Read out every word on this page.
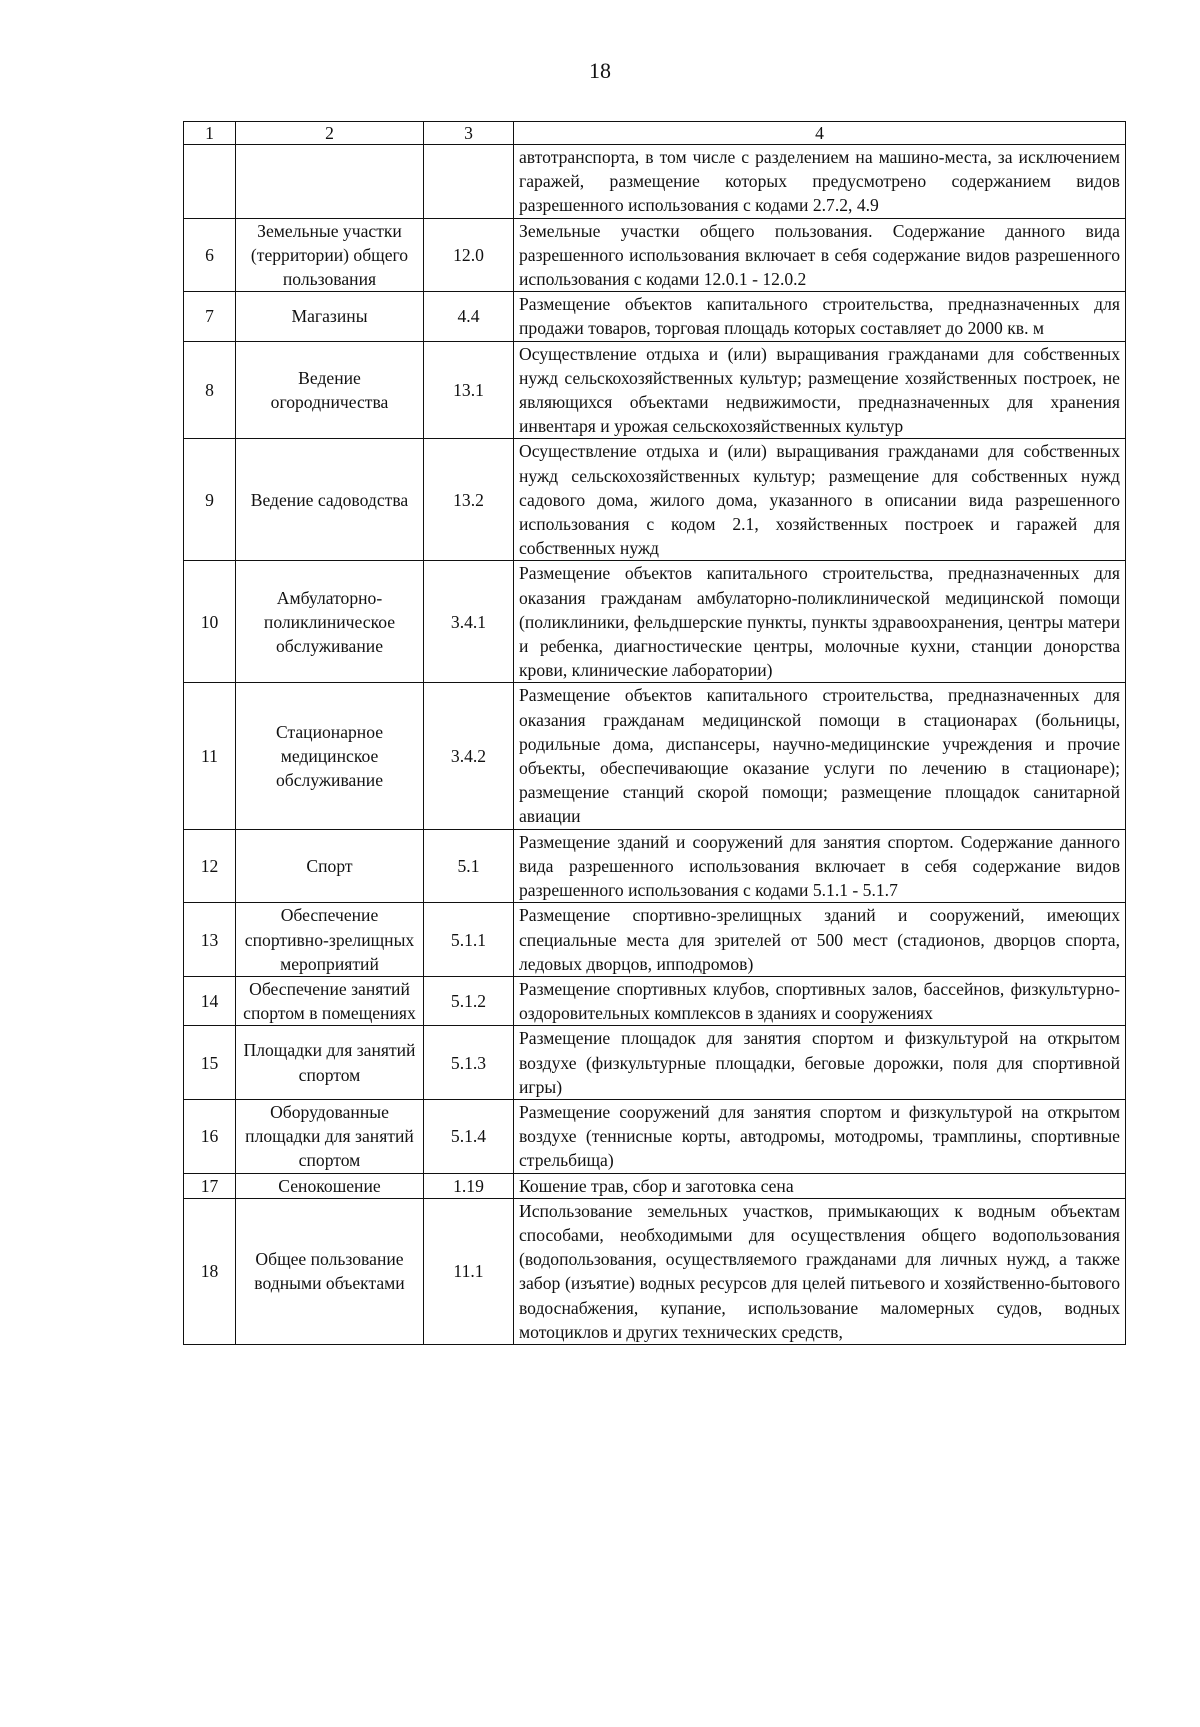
18
1	2	3	4
			автотранспорта, в том числе с разделением на машино-места, за исключением гаражей, размещение которых предусмотрено содержанием видов разрешенного использования с кодами 2.7.2, 4.9
6	Земельные участки (территории) общего пользования	12.0	Земельные участки общего пользования. Содержание данного вида разрешенного использования включает в себя содержание видов разрешенного использования с кодами 12.0.1 - 12.0.2
7	Магазины	4.4	Размещение объектов капитального строительства, предназначенных для продажи товаров, торговая площадь которых составляет до 2000 кв. м
8	Ведение огородничества	13.1	Осуществление отдыха и (или) выращивания гражданами для собственных нужд сельскохозяйственных культур; размещение хозяйственных построек, не являющихся объектами недвижимости, предназначенных для хранения инвентаря и урожая сельскохозяйственных культур
9	Ведение садоводства	13.2	Осуществление отдыха и (или) выращивания гражданами для собственных нужд сельскохозяйственных культур; размещение для собственных нужд садового дома, жилого дома, указанного в описании вида разрешенного использования с кодом 2.1, хозяйственных построек и гаражей для собственных нужд
10	Амбулаторно-поликлиническое обслуживание	3.4.1	Размещение объектов капитального строительства, предназначенных для оказания гражданам амбулаторно-поликлинической медицинской помощи (поликлиники, фельдшерские пункты, пункты здравоохранения, центры матери и ребенка, диагностические центры, молочные кухни, станции донорства крови, клинические лаборатории)
11	Стационарное медицинское обслуживание	3.4.2	Размещение объектов капитального строительства, предназначенных для оказания гражданам медицинской помощи в стационарах (больницы, родильные дома, диспансеры, научно-медицинские учреждения и прочие объекты, обеспечивающие оказание услуги по лечению в стационаре); размещение станций скорой помощи; размещение площадок санитарной авиации
12	Спорт	5.1	Размещение зданий и сооружений для занятия спортом. Содержание данного вида разрешенного использования включает в себя содержание видов разрешенного использования с кодами 5.1.1 - 5.1.7
13	Обеспечение спортивно-зрелищных мероприятий	5.1.1	Размещение спортивно-зрелищных зданий и сооружений, имеющих специальные места для зрителей от 500 мест (стадионов, дворцов спорта, ледовых дворцов, ипподромов)
14	Обеспечение занятий спортом в помещениях	5.1.2	Размещение спортивных клубов, спортивных залов, бассейнов, физкультурно-оздоровительных комплексов в зданиях и сооружениях
15	Площадки для занятий спортом	5.1.3	Размещение площадок для занятия спортом и физкультурой на открытом воздухе (физкультурные площадки, беговые дорожки, поля для спортивной игры)
16	Оборудованные площадки для занятий спортом	5.1.4	Размещение сооружений для занятия спортом и физкультурой на открытом воздухе (теннисные корты, автодромы, мотодромы, трамплины, спортивные стрельбища)
17	Сенокошение	1.19	Кошение трав, сбор и заготовка сена
18	Общее пользование водными объектами	11.1	Использование земельных участков, примыкающих к водным объектам способами, необходимыми для осуществления общего водопользования (водопользования, осуществляемого гражданами для личных нужд, а также забор (изъятие) водных ресурсов для целей питьевого и хозяйственно-бытового водоснабжения, купание, использование маломерных судов, водных мотоциклов и других технических средств,
